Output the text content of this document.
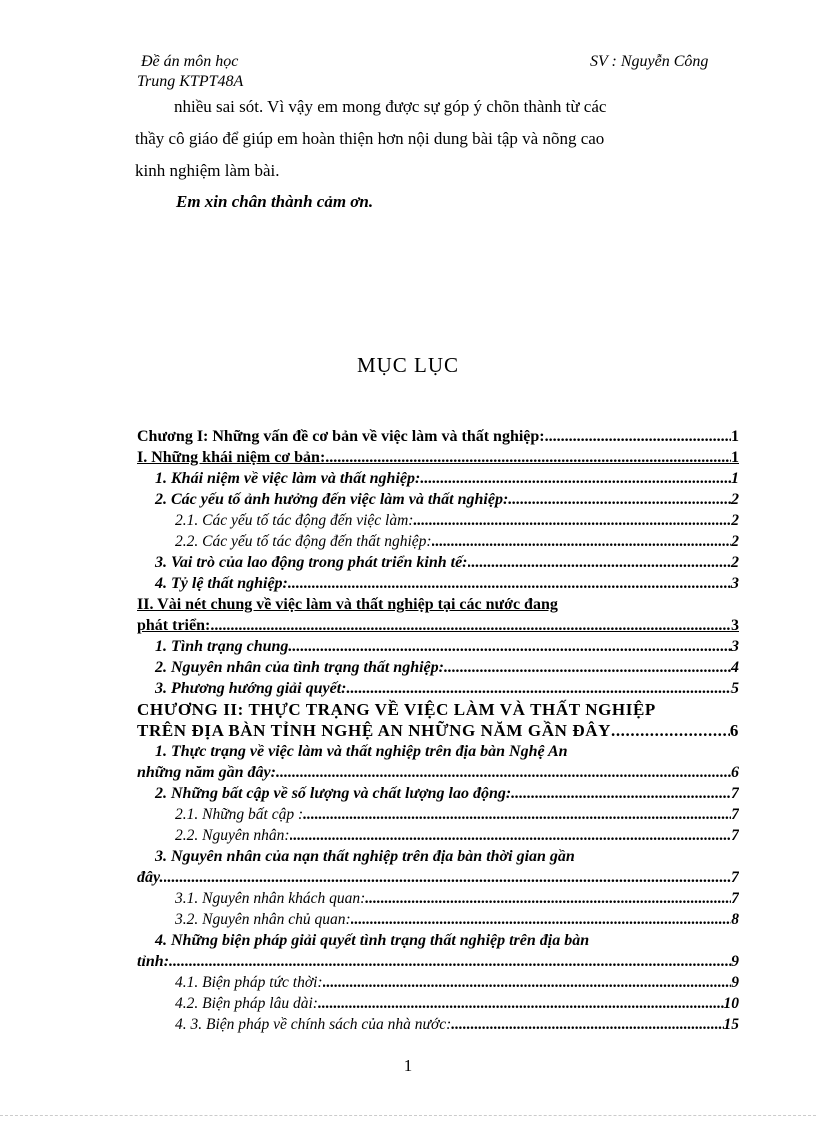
Đề án môn học	SV : Nguyễn Công
Trung KTPT48A

nhiều sai sót. Vì vậy em mong được sự góp ý chõn thành từ các

thầy cô giáo để giúp em hoàn thiện hơn nội dung bài tập và nõng cao

kinh nghiệm làm bài.

Em xin chân thành cảm ơn.
MỤC LỤC
Chương I: Những vấn đề cơ bản về việc làm và thất nghiệp: .....	1
I. Những khái niệm cơ bản: .....	1
1. Khái niệm về việc làm và thất nghiệp: .....	1
2. Các yếu tố ảnh hưởng đến việc làm và thất nghiệp: .....	2
2.1. Các yếu tố tác động đến việc làm: .....	2
2.2. Các yếu tố tác động đến thất nghiệp: .....	2
3. Vai trò của lao động trong phát triển kinh tế: .....	2
4. Tỷ lệ thất nghiệp: .....	3
II. Vài nét chung về việc làm và thất nghiệp tại các nước đang
phát triển: .....	3
1. Tình trạng chung .....	3
2. Nguyên nhân của tình trạng thất nghiệp: .....	4
3. Phương hướng giải quyết: .....	5
CHƯƠNG II: THỰC TRẠNG VỀ VIỆC LÀM VÀ THẤT NGHIỆP
TRÊN ĐỊA BÀN TỈNH NGHỆ AN NHỮNG NĂM GẦN ĐÂY .....	6
1. Thực trạng về việc làm và thất nghiệp trên địa bàn Nghệ An
những năm gần đây: .....	6
2. Những bất cập về số lượng và chất lượng lao động: .....	7
2.1. Những bất cập : .....	7
2.2. Nguyên nhân: .....	7
3. Nguyên nhân của nạn thất nghiệp trên địa bàn thời gian gần
đây. .....	7
3.1. Nguyên nhân khách quan: .....	7
3.2. Nguyên nhân chủ quan: .....	8
4. Những biện pháp giải quyết tình trạng thất nghiệp trên địa bàn
tỉnh: .....	9
4.1. Biện pháp tức thời: .....	9
4.2. Biện pháp lâu dài: .....	10
4. 3. Biện pháp về chính sách của nhà nước: .....	15
1
